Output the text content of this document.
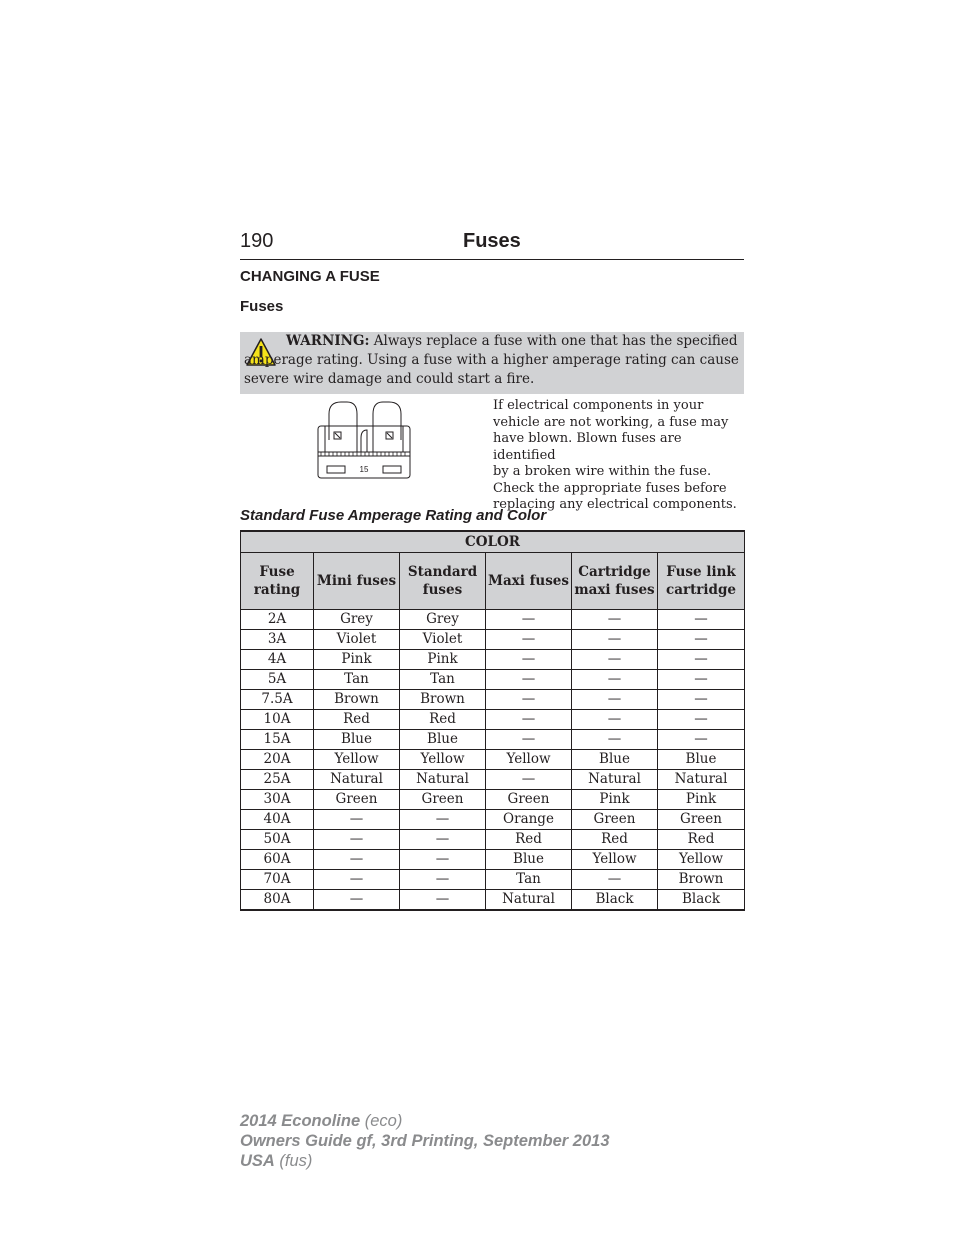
190	Fuses
CHANGING A FUSE
Fuses
WARNING: Always replace a fuse with one that has the specified amperage rating. Using a fuse with a higher amperage rating can cause severe wire damage and could start a fire.
15
If electrical components in your
vehicle are not working, a fuse may
have blown. Blown fuses are identified
by a broken wire within the fuse.
Check the appropriate fuses before
replacing any electrical components.
Standard Fuse Amperage Rating and Color
COLOR					
Fuse rating	Mini fuses	Standard fuses	Maxi fuses	Cartridge maxi fuses	Fuse link cartridge
2A	Grey	Grey	—	—	—
3A	Violet	Violet	—	—	—
4A	Pink	Pink	—	—	—
5A	Tan	Tan	—	—	—
7.5A	Brown	Brown	—	—	—
10A	Red	Red	—	—	—
15A	Blue	Blue	—	—	—
20A	Yellow	Yellow	Yellow	Blue	Blue
25A	Natural	Natural	—	Natural	Natural
30A	Green	Green	Green	Pink	Pink
40A	—	—	Orange	Green	Green
50A	—	—	Red	Red	Red
60A	—	—	Blue	Yellow	Yellow
70A	—	—	Tan	—	Brown
80A	—	—	Natural	Black	Black
2014 Econoline (eco)
Owners Guide gf, 3rd Printing, September 2013
USA (fus)
